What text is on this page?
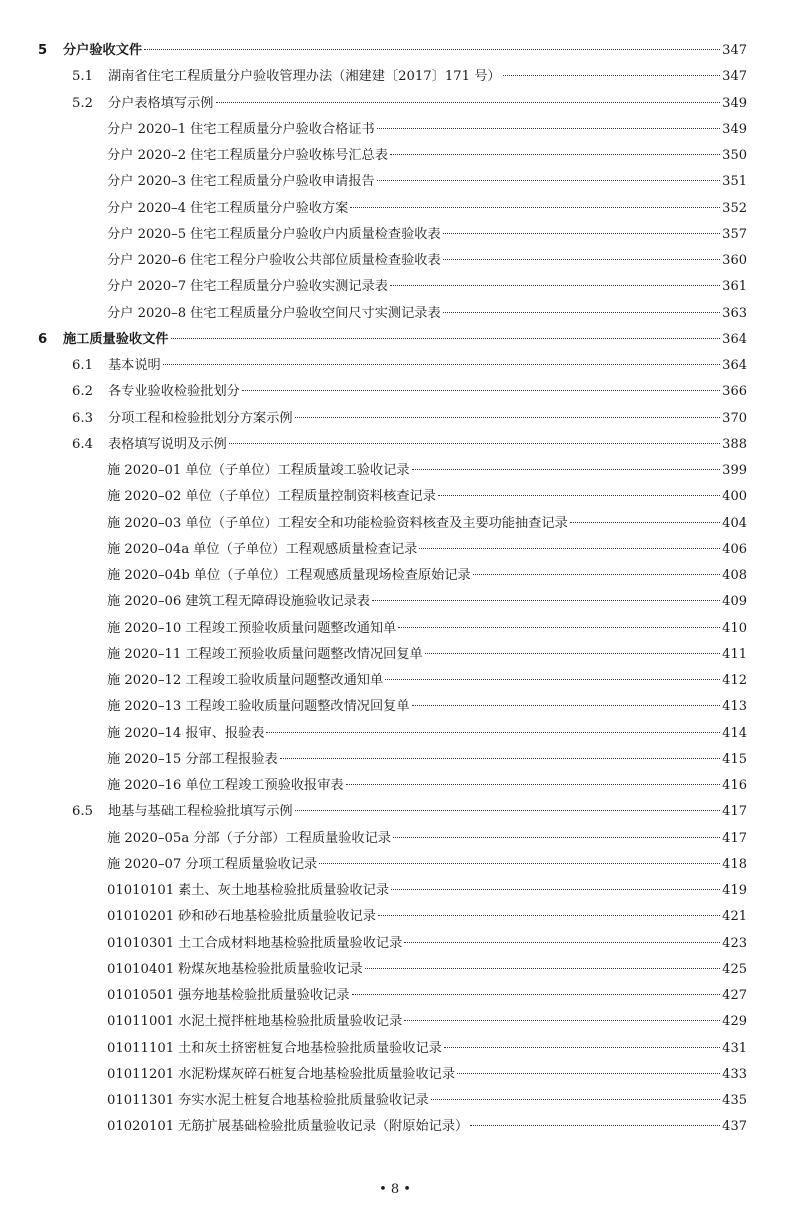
5	分户验收文件	347
5.1	湖南省住宅工程质量分户验收管理办法（湘建建〔2017〕171 号）	347
5.2	分户表格填写示例	349
分户 2020–1 住宅工程质量分户验收合格证书	349
分户 2020–2 住宅工程质量分户验收栋号汇总表	350
分户 2020–3 住宅工程质量分户验收申请报告	351
分户 2020–4 住宅工程质量分户验收方案	352
分户 2020–5 住宅工程质量分户验收户内质量检查验收表	357
分户 2020–6 住宅工程分户验收公共部位质量检查验收表	360
分户 2020–7 住宅工程质量分户验收实测记录表	361
分户 2020–8 住宅工程质量分户验收空间尺寸实测记录表	363
6	施工质量验收文件	364
6.1	基本说明	364
6.2	各专业验收检验批划分	366
6.3	分项工程和检验批划分方案示例	370
6.4	表格填写说明及示例	388
施 2020–01 单位（子单位）工程质量竣工验收记录	399
施 2020–02 单位（子单位）工程质量控制资料核查记录	400
施 2020–03 单位（子单位）工程安全和功能检验资料核查及主要功能抽查记录	404
施 2020–04a 单位（子单位）工程观感质量检查记录	406
施 2020–04b 单位（子单位）工程观感质量现场检查原始记录	408
施 2020–06 建筑工程无障碍设施验收记录表	409
施 2020–10 工程竣工预验收质量问题整改通知单	410
施 2020–11 工程竣工预验收质量问题整改情况回复单	411
施 2020–12 工程竣工验收质量问题整改通知单	412
施 2020–13 工程竣工验收质量问题整改情况回复单	413
施 2020–14 报审、报验表	414
施 2020–15 分部工程报验表	415
施 2020–16 单位工程竣工预验收报审表	416
6.5	地基与基础工程检验批填写示例	417
施 2020–05a 分部（子分部）工程质量验收记录	417
施 2020–07 分项工程质量验收记录	418
01010101 素土、灰土地基检验批质量验收记录	419
01010201 砂和砂石地基检验批质量验收记录	421
01010301 土工合成材料地基检验批质量验收记录	423
01010401 粉煤灰地基检验批质量验收记录	425
01010501 强夯地基检验批质量验收记录	427
01011001 水泥土搅拌桩地基检验批质量验收记录	429
01011101 土和灰土挤密桩复合地基检验批质量验收记录	431
01011201 水泥粉煤灰碎石桩复合地基检验批质量验收记录	433
01011301 夯实水泥土桩复合地基检验批质量验收记录	435
01020101 无筋扩展基础检验批质量验收记录（附原始记录）	437
• 8 •
